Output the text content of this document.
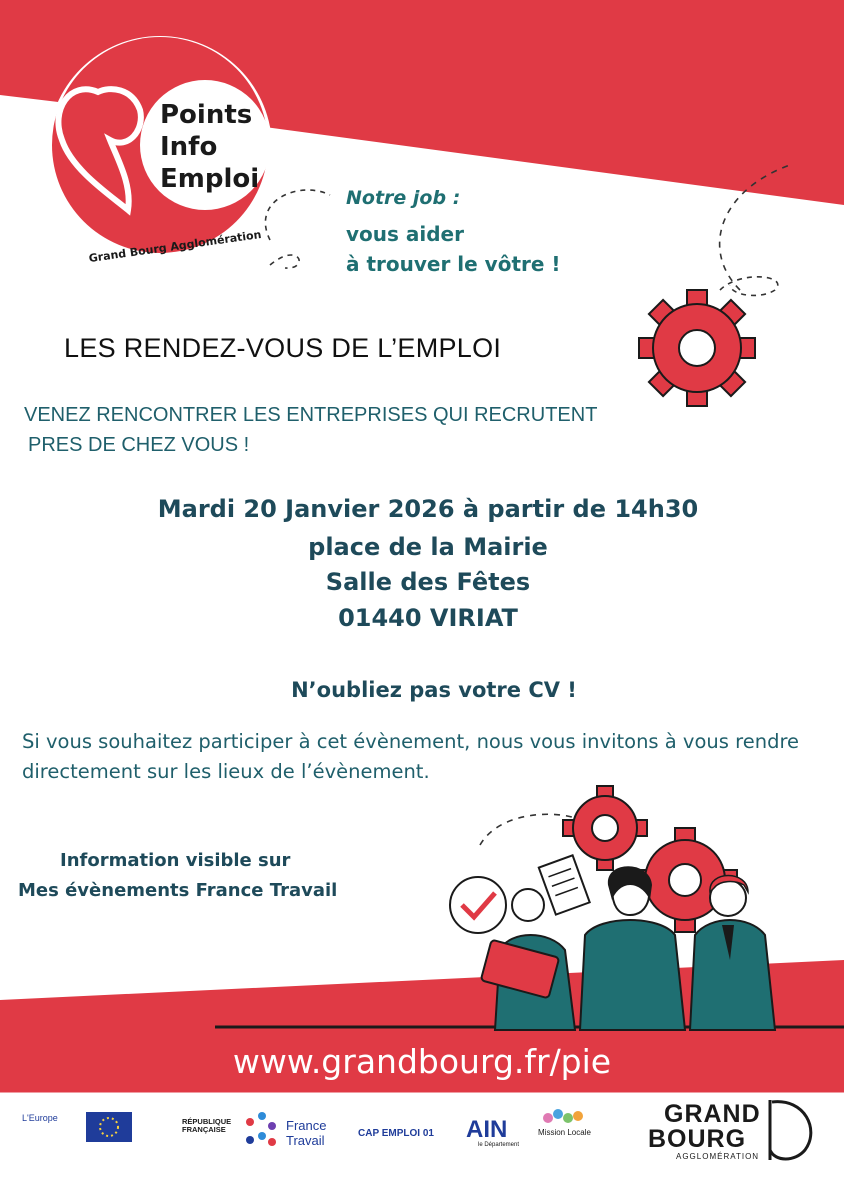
Points
Info
Emploi
Grand Bourg Agglomération
Notre job :
vous aider
à trouver le vôtre !
LES RENDEZ-VOUS DE L’EMPLOI
VENEZ RENCONTRER LES ENTREPRISES QUI RECRUTENT
PRES DE CHEZ VOUS !
Mardi 20 Janvier 2026 à partir de 14h30
place de la Mairie
Salle des Fêtes
01440 VIRIAT
N’oubliez pas votre CV !
Si vous souhaitez participer à cet évènement, nous vous invitons à vous rendre
directement sur les lieux de l’évènement.
Information visible sur
Mes évènements France Travail
www.grandbourg.fr/pie
L'Europe	RÉPUBLIQUE FRANÇAISE	France
Travail	CAP EMPLOI 01 AIN
le Département
Mission Locale
GRAND
BOURG
AGGLOMÉRATION
